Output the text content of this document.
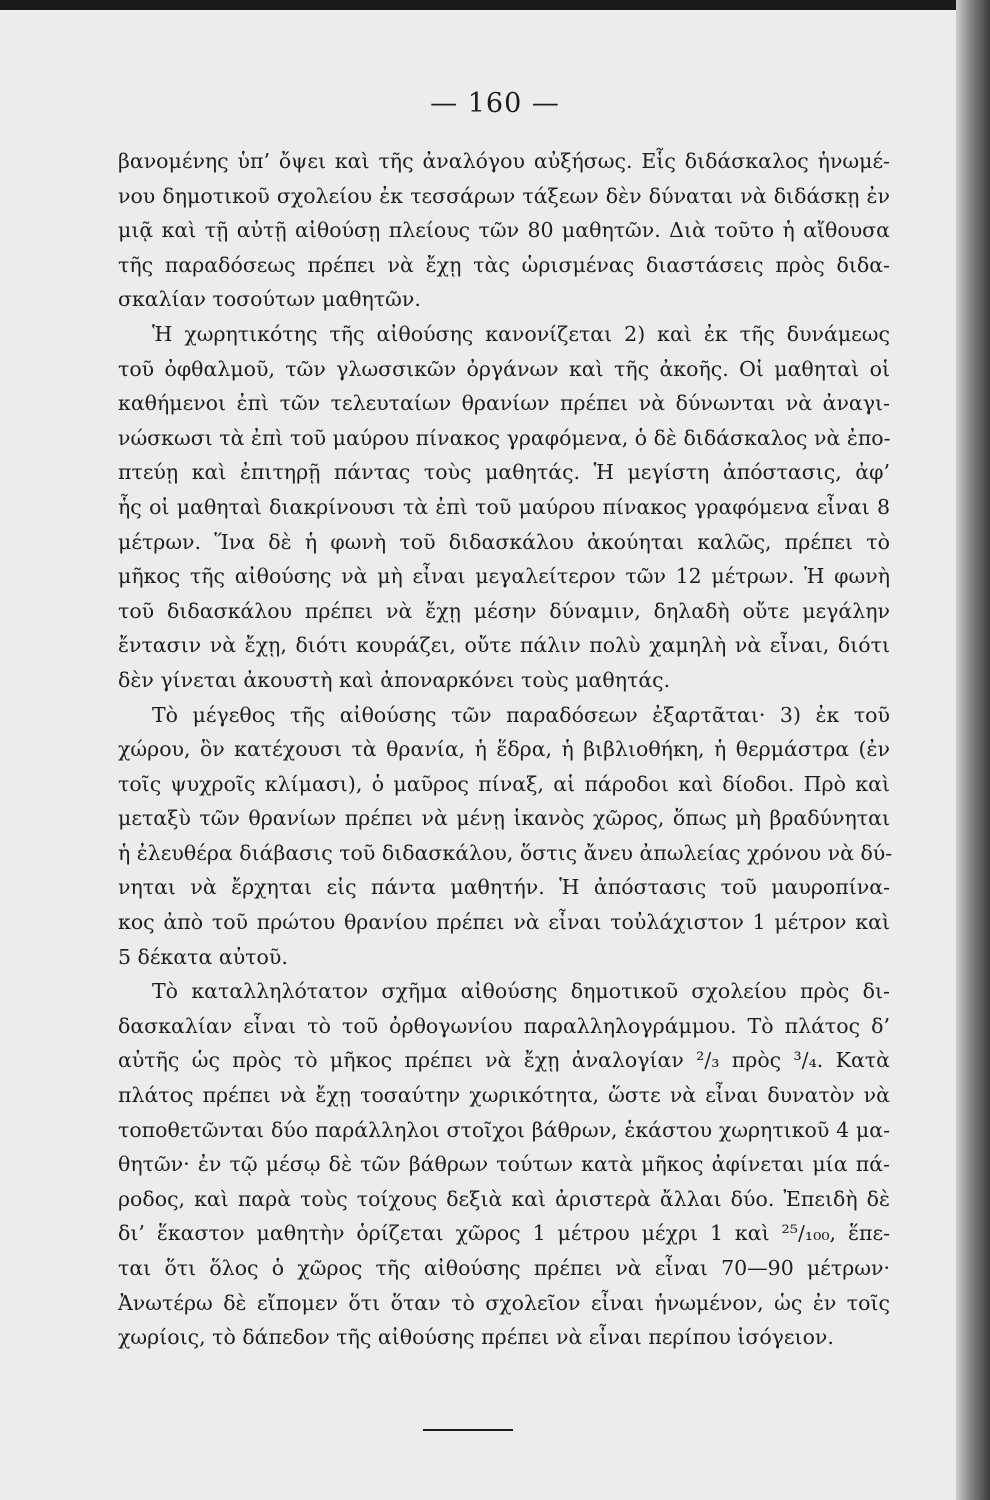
— 160 —
βανομένης ὑπ’ ὄψει καὶ τῆς ἀναλόγου αὐξήσως. Εἷς διδάσκαλος ἡνωμέ-
νου δημοτικοῦ σχολείου ἐκ τεσσάρων τάξεων δὲν δύναται νὰ διδάσκῃ ἐν
μιᾷ καὶ τῇ αὐτῇ αἰθούσῃ πλείους τῶν 80 μαθητῶν. Διὰ τοῦτο ἡ αἴθουσα
τῆς παραδόσεως πρέπει νὰ ἔχῃ τὰς ὡρισμένας διαστάσεις πρὸς διδα-
σκαλίαν τοσούτων μαθητῶν.
Ἡ χωρητικότης τῆς αἰθούσης κανονίζεται 2) καὶ ἐκ τῆς δυνάμεως
τοῦ ὀφθαλμοῦ, τῶν γλωσσικῶν ὀργάνων καὶ τῆς ἀκοῆς. Οἱ μαθηταὶ οἱ
καθήμενοι ἐπὶ τῶν τελευταίων θρανίων πρέπει νὰ δύνωνται νὰ ἀναγι-
νώσκωσι τὰ ἐπὶ τοῦ μαύρου πίνακος γραφόμενα, ὁ δὲ διδάσκαλος νὰ ἐπο-
πτεύῃ καὶ ἐπιτηρῇ πάντας τοὺς μαθητάς. Ἡ μεγίστη ἀπόστασις, ἀφ’
ἧς οἱ μαθηταὶ διακρίνουσι τὰ ἐπὶ τοῦ μαύρου πίνακος γραφόμενα εἶναι 8
μέτρων. Ἵνα δὲ ἡ φωνὴ τοῦ διδασκάλου ἀκούηται καλῶς, πρέπει τὸ
μῆκος τῆς αἰθούσης νὰ μὴ εἶναι μεγαλείτερον τῶν 12 μέτρων. Ἡ φωνὴ
τοῦ διδασκάλου πρέπει νὰ ἔχῃ μέσην δύναμιν, δηλαδὴ οὔτε μεγάλην
ἔντασιν νὰ ἔχῃ, διότι κουράζει, οὔτε πάλιν πολὺ χαμηλὴ νὰ εἶναι, διότι
δὲν γίνεται ἀκουστὴ καὶ ἀποναρκόνει τοὺς μαθητάς.
Τὸ μέγεθος τῆς αἰθούσης τῶν παραδόσεων ἐξαρτᾶται· 3) ἐκ τοῦ
χώρου, ὃν κατέχουσι τὰ θρανία, ἡ ἕδρα, ἡ βιβλιοθήκη, ἡ θερμάστρα (ἐν
τοῖς ψυχροῖς κλίμασι), ὁ μαῦρος πίναξ, αἱ πάροδοι καὶ δίοδοι. Πρὸ καὶ
μεταξὺ τῶν θρανίων πρέπει νὰ μένῃ ἱκανὸς χῶρος, ὅπως μὴ βραδύνηται
ἡ ἐλευθέρα διάβασις τοῦ διδασκάλου, ὅστις ἄνευ ἀπωλείας χρόνου νὰ δύ-
νηται νὰ ἔρχηται εἰς πάντα μαθητήν. Ἡ ἀπόστασις τοῦ μαυροπίνα-
κος ἀπὸ τοῦ πρώτου θρανίου πρέπει νὰ εἶναι τοὐλάχιστον 1 μέτρον καὶ
5 δέκατα αὐτοῦ.
Τὸ καταλληλότατον σχῆμα αἰθούσης δημοτικοῦ σχολείου πρὸς δι-
δασκαλίαν εἶναι τὸ τοῦ ὀρθογωνίου παραλληλογράμμου. Τὸ πλάτος δ’
αὐτῆς ὡς πρὸς τὸ μῆκος πρέπει νὰ ἔχῃ ἀναλογίαν ²/₃ πρὸς ³/₄. Κατὰ
πλάτος πρέπει νὰ ἔχῃ τοσαύτην χωρικότητα, ὥστε νὰ εἶναι δυνατὸν νὰ
τοποθετῶνται δύο παράλληλοι στοῖχοι βάθρων, ἑκάστου χωρητικοῦ 4 μα-
θητῶν· ἐν τῷ μέσῳ δὲ τῶν βάθρων τούτων κατὰ μῆκος ἀφίνεται μία πά-
ροδος, καὶ παρὰ τοὺς τοίχους δεξιὰ καὶ ἀριστερὰ ἄλλαι δύο. Ἐπειδὴ δὲ
δι’ ἕκαστον μαθητὴν ὁρίζεται χῶρος 1 μέτρου μέχρι 1 καὶ ²⁵/₁₀₀, ἕπε-
ται ὅτι ὅλος ὁ χῶρος τῆς αἰθούσης πρέπει νὰ εἶναι 70—90 μέτρων·
Ἀνωτέρω δὲ εἴπομεν ὅτι ὅταν τὸ σχολεῖον εἶναι ἡνωμένον, ὡς ἐν τοῖς
χωρίοις, τὸ δάπεδον τῆς αἰθούσης πρέπει νὰ εἶναι περίπου ἰσόγειον.
